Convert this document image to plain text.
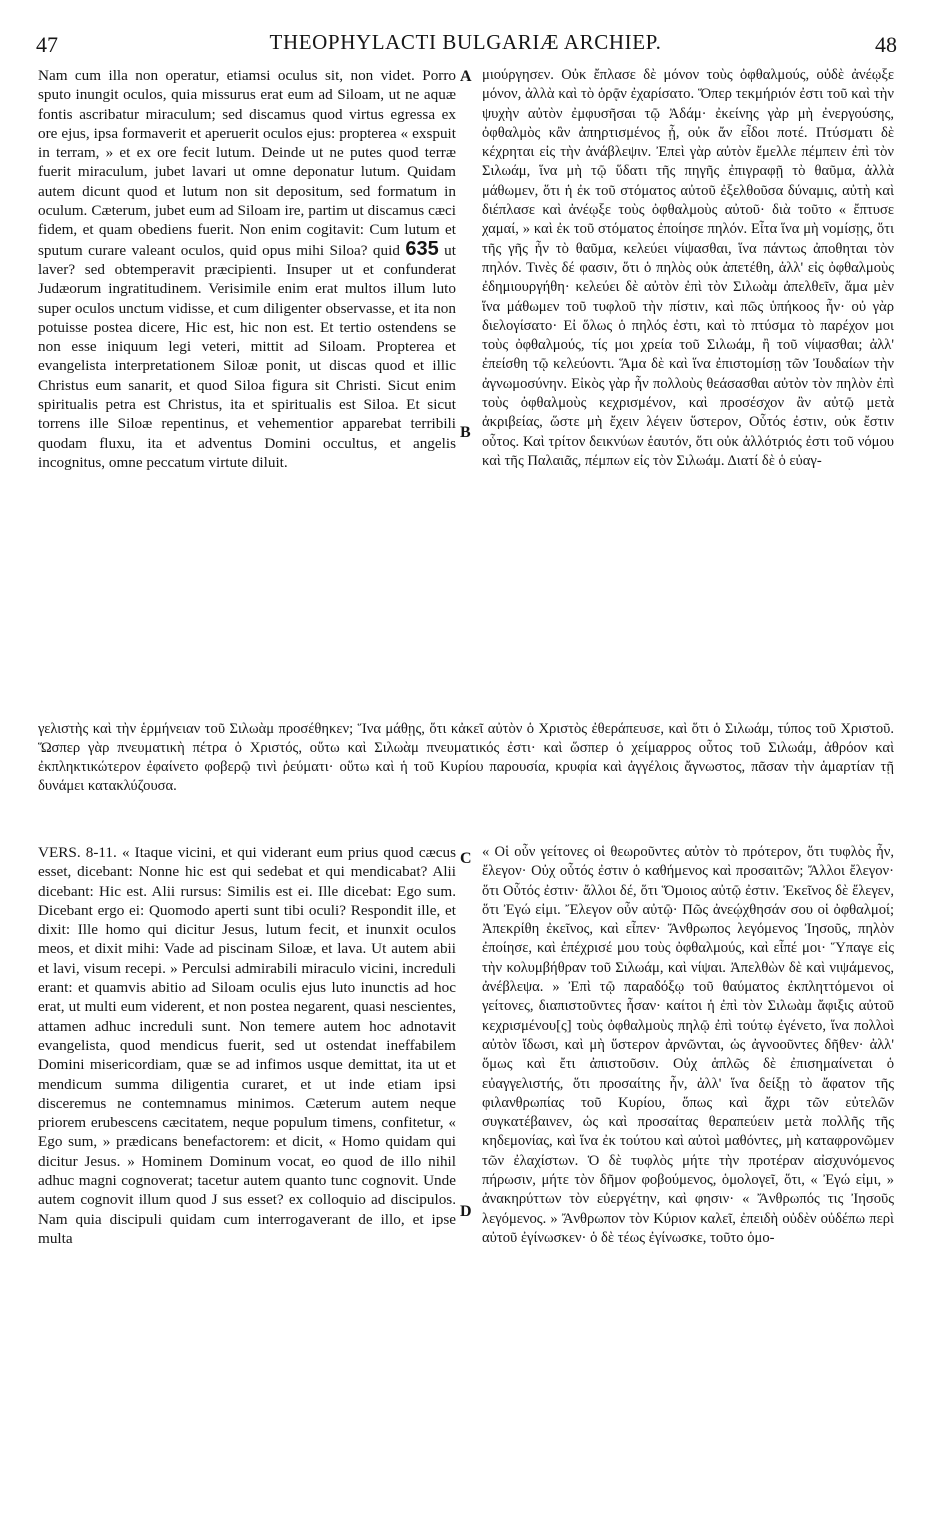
47	THEOPHYLACTI BULGARIÆ ARCHIEP.	48

Nam cum illa non operatur, etiamsi oculus sit, non videt. Porro sputo inungit oculos, quia missurus erat eum ad Siloam, ut ne aquæ fontis ascribatur miraculum; sed discamus quod virtus egressa ex ore ejus, ipsa formaverit et aperuerit oculos ejus: propterea « exspuit in terram, » et ex ore fecit lutum. Deinde ut ne putes quod terræ fuerit miraculum, jubet lavari ut omne deponatur lutum. Quidam autem dicunt quod et lutum non sit depositum, sed formatum in oculum. Cæterum, jubet eum ad Siloam ire, partim ut discamus cæci fidem, et quam obediens fuerit. Non enim cogitavit: Cum lutum et sputum curare valeant oculos, quid opus mihi Siloa? quid 635 ut laver? sed obtemperavit præcipienti. Insuper ut et confunderat Judæorum ingratitudinem. Verisimile enim erat multos illum luto super oculos unctum vidisse, et cum diligenter observasse, et ita non potuisse postea dicere, Hic est, hic non est. Et tertio ostendens se non esse iniquum legi veteri, mittit ad Siloam. Propterea et evangelista interpretationem Siloæ ponit, ut discas quod et illic Christus eum sanarit, et quod Siloa figura sit Christi. Sicut enim spiritualis petra est Christus, ita et spiritualis est Siloa. Et sicut torrens ille Siloæ repentinus, et vehementior apparebat terribili quodam fluxu, ita et adventus Domini occultus, et angelis incognitus, omne peccatum virtute diluit.

A
B

μιούργησεν. Οὐκ ἔπλασε δὲ μόνον τοὺς ὀφθαλμούς, οὐδὲ ἀνέῳξε μόνον, ἀλλὰ καὶ τὸ ὁρᾷν ἐχαρίσατο. Ὅπερ τεκμήριόν ἐστι τοῦ καὶ τὴν ψυχὴν αὐτὸν ἐμφυσῆσαι τῷ Ἀδάμ· ἐκείνης γὰρ μὴ ἐνεργούσης, ὀφθαλμὸς κἂν ἀπηρτισμένος ᾖ, οὐκ ἄν εἶδοι ποτέ. Πτύσματι δὲ κέχρηται εἰς τὴν ἀνάβλεψιν. Ἐπεὶ γὰρ αὐτὸν ἔμελλε πέμπειν ἐπὶ τὸν Σιλωάμ, ἵνα μὴ τῷ ὕδατι τῆς πηγῆς ἐπιγραφῇ τὸ θαῦμα, ἀλλὰ μάθωμεν, ὅτι ἡ ἐκ τοῦ στόματος αὐτοῦ ἐξελθοῦσα δύναμις, αὐτὴ καὶ διέπλασε καὶ ἀνέῳξε τοὺς ὀφθαλμοὺς αὐτοῦ· διὰ τοῦτο « ἔπτυσε χαμαί, » καὶ ἐκ τοῦ στόματος ἐποίησε πηλόν. Εἶτα ἵνα μὴ νομίσῃς, ὅτι τῆς γῆς ἦν τὸ θαῦμα, κελεύει νίψασθαι, ἵνα πάντως ἀποθηται τὸν πηλόν. Τινὲς δέ φασιν, ὅτι ὁ πηλὸς οὐκ ἀπετέθη, ἀλλ' εἰς ὀφθαλμοὺς ἐδημιουργήθη· κελεύει δὲ αὐτὸν ἐπὶ τὸν Σιλωὰμ ἀπελθεῖν, ἅμα μὲν ἵνα μάθωμεν τοῦ τυφλοῦ τὴν πίστιν, καὶ πῶς ὑπήκοος ἦν· οὐ γὰρ διελογίσατο· Εἰ ὅλως ὁ πηλός ἐστι, καὶ τὸ πτύσμα τὸ παρέχον μοι τοὺς ὀφθαλμούς, τίς μοι χρεία τοῦ Σιλωάμ, ἢ τοῦ νίψασθαι; ἀλλ' ἐπείσθη τῷ κελεύοντι. Ἅμα δὲ καὶ ἵνα ἐπιστομίσῃ τῶν Ἰουδαίων τὴν ἀγνωμοσύνην. Εἰκὸς γὰρ ἦν πολλοὺς θεάσασθαι αὐτὸν τὸν πηλὸν ἐπὶ τοὺς ὀφθαλμοὺς κεχρισμένον, καὶ προσέσχον ἂν αὐτῷ μετὰ ἀκριβείας, ὥστε μὴ ἔχειν λέγειν ὕστερον, Οὗτός ἐστιν, οὐκ ἔστιν οὗτος. Καὶ τρίτον δεικνύων ἑαυτόν, ὅτι οὐκ ἀλλότριός ἐστι τοῦ νόμου καὶ τῆς Παλαιᾶς, πέμπων εἰς τὸν Σιλωάμ. Διατί δὲ ὁ εὐαγ-

γελιστὴς καὶ τὴν ἑρμήνειαν τοῦ Σιλωὰμ προσέθηκεν; Ἵνα μάθῃς, ὅτι κἀκεῖ αὐτὸν ὁ Χριστὸς ἐθεράπευσε, καὶ ὅτι ὁ Σιλωάμ, τύπος τοῦ Χριστοῦ. Ὥσπερ γὰρ πνευματικὴ πέτρα ὁ Χριστός, οὕτω καὶ Σιλωὰμ πνευματικός ἐστι· καὶ ὥσπερ ὁ χείμαρρος οὗτος τοῦ Σιλωάμ, ἀθρόον καὶ ἐκπληκτικώτερον ἐφαίνετο φοβερῷ τινὶ ῥεύματι· οὕτω καὶ ἡ τοῦ Κυρίου παρουσία, κρυφία καὶ ἀγγέλοις ἄγνωστος, πᾶσαν τὴν ἁμαρτίαν τῇ δυνάμει κατακλύζουσα.

VERS. 8-11. « Itaque vicini, et qui viderant eum prius quod cæcus esset, dicebant: Nonne hic est qui sedebat et qui mendicabat? Alii dicebant: Hic est. Alii rursus: Similis est ei. Ille dicebat: Ego sum. Dicebant ergo ei: Quomodo aperti sunt tibi oculi? Respondit ille, et dixit: Ille homo qui dicitur Jesus, lutum fecit, et inunxit oculos meos, et dixit mihi: Vade ad piscinam Siloæ, et lava. Ut autem abii et lavi, visum recepi. » Perculsi admirabili miraculo vicini, increduli erant: et quamvis abitio ad Siloam oculis ejus luto inunctis ad hoc erat, ut multi eum viderent, et non postea negarent, quasi nescientes, attamen adhuc increduli sunt. Non temere autem hoc adnotavit evangelista, quod mendicus fuerit, sed ut ostendat ineffabilem Domini misericordiam, quæ se ad infimos usque demittat, ita ut et mendicum summa diligentia curaret, et ut inde etiam ipsi disceremus ne contemnamus minimos. Cæterum autem neque priorem erubescens cæcitatem, neque populum timens, confitetur, « Ego sum, » prædicans benefactorem: et dicit, « Homo quidam qui dicitur Jesus. » Hominem Dominum vocat, eo quod de illo nihil adhuc magni cognoverat; tacetur autem quanto tunc cognovit. Unde autem cognovit illum quod J sus esset? ex colloquio ad discipulos. Nam quia discipuli quidam cum interrogaverant de illo, et ipse multa

C
D

« Οἱ οὖν γείτονες οἱ θεωροῦντες αὐτὸν τὸ πρότερον, ὅτι τυφλὸς ἦν, ἔλεγον· Οὐχ οὗτός ἐστιν ὁ καθήμενος καὶ προσαιτῶν; Ἄλλοι ἔλεγον· ὅτι Οὗτός ἐστιν· ἄλλοι δέ, ὅτι Ὅμοιος αὐτῷ ἐστιν. Ἐκεῖνος δὲ ἔλεγεν, ὅτι Ἐγώ εἰμι. Ἔλεγον οὖν αὐτῷ· Πῶς ἀνεῴχθησάν σου οἱ ὀφθαλμοί; Ἀπεκρίθη ἐκεῖνος, καὶ εἶπεν· Ἄνθρωπος λεγόμενος Ἰησοῦς, πηλὸν ἐποίησε, καὶ ἐπέχρισέ μου τοὺς ὀφθαλμούς, καὶ εἶπέ μοι· Ὕπαγε εἰς τὴν κολυμβήθραν τοῦ Σιλωάμ, καὶ νίψαι. Ἀπελθὼν δὲ καὶ νιψάμενος, ἀνέβλεψα. » Ἐπὶ τῷ παραδόξῳ τοῦ θαύματος ἐκπληττόμενοι οἱ γείτονες, διαπιστοῦντες ἦσαν· καίτοι ἡ ἐπὶ τὸν Σιλωὰμ ἄφιξις αὐτοῦ κεχρισμένου[ς] τοὺς ὀφθαλμοὺς πηλῷ ἐπὶ τούτῳ ἐγένετο, ἵνα πολλοὶ αὐτὸν ἴδωσι, καὶ μὴ ὕστερον ἀρνῶνται, ὡς ἀγνοοῦντες δῆθεν· ἀλλ' ὅμως καὶ ἔτι ἀπιστοῦσιν. Οὐχ ἁπλῶς δὲ ἐπισημαίνεται ὁ εὐαγγελιστής, ὅτι προσαίτης ἦν, ἀλλ' ἵνα δείξῃ τὸ ἄφατον τῆς φιλανθρωπίας τοῦ Κυρίου, ὅπως καὶ ἄχρι τῶν εὐτελῶν συγκατέβαινεν, ὡς καὶ προσαίτας θεραπεύειν μετὰ πολλῆς τῆς κηδεμονίας, καὶ ἵνα ἐκ τούτου καὶ αὐτοὶ μαθόντες, μὴ καταφρονῶμεν τῶν ἐλαχίστων. Ὁ δὲ τυφλὸς μήτε τὴν προτέραν αἰσχυνόμενος πήρωσιν, μήτε τὸν δῆμον φοβούμενος, ὁμολογεῖ, ὅτι, « Ἐγώ εἰμι, » ἀνακηρύττων τὸν εὐεργέτην, καὶ φησιν· « Ἄνθρωπός τις Ἰησοῦς λεγόμενος. » Ἄνθρωπον τὸν Κύριον καλεῖ, ἐπειδὴ οὐδὲν οὐδέπω περὶ αὐτοῦ ἐγίνωσκεν· ὁ δὲ τέως ἐγίνωσκε, τοῦτο ὁμο-
